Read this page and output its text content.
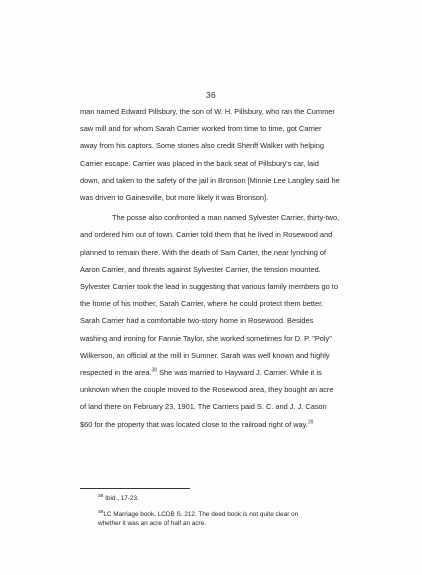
36

man named Edward Pillsbury, the son of W. H. Pillsbury, who ran the Cummer
saw mill and for whom Sarah Carrier worked from time to time, got Carrier
away from his captors. Some stories also credit Sheriff Walker with helping
Carrier escape. Carrier was placed in the back seat of Pillsbury's car, laid
down, and taken to the safety of the jail in Bronson [Minnie Lee Langley said he
was driven to Gainesville, but more likely it was Bronson].

The posse also confronted a man named Sylvester Carrier, thirty-two,
and ordered him out of town. Carrier told them that he lived in Rosewood and
planned to remain there. With the death of Sam Carter, the near lynching of
Aaron Carrier, and threats against Sylvester Carrier, the tension mounted.
Sylvester Carrier took the lead in suggesting that various family members go to
the home of his mother, Sarah Carrier, where he could protect them better.
Sarah Carrier had a comfortable two-story home in Rosewood. Besides
washing and ironing for Fannie Taylor, she worked sometimes for D. P. "Poly"
Wilkerson, an official at the mill in Sumner. Sarah was well known and highly
respected in the area.$^{38}$ She was married to Hayward J. Carrier. While it is
unknown when the couple moved to the Rosewood area, they bought an acre
of land there on February 23, 1901. The Carriers paid S. C. and J. J. Cason
$60 for the property that was located close to the railroad right of way.$^{39}$

$^{38}$ Ibid., 17-23.

$^{39}$LC Marriage book, LCDB S. 212. The deed book is not quite clear on
whether it was an acre of half an acre.
